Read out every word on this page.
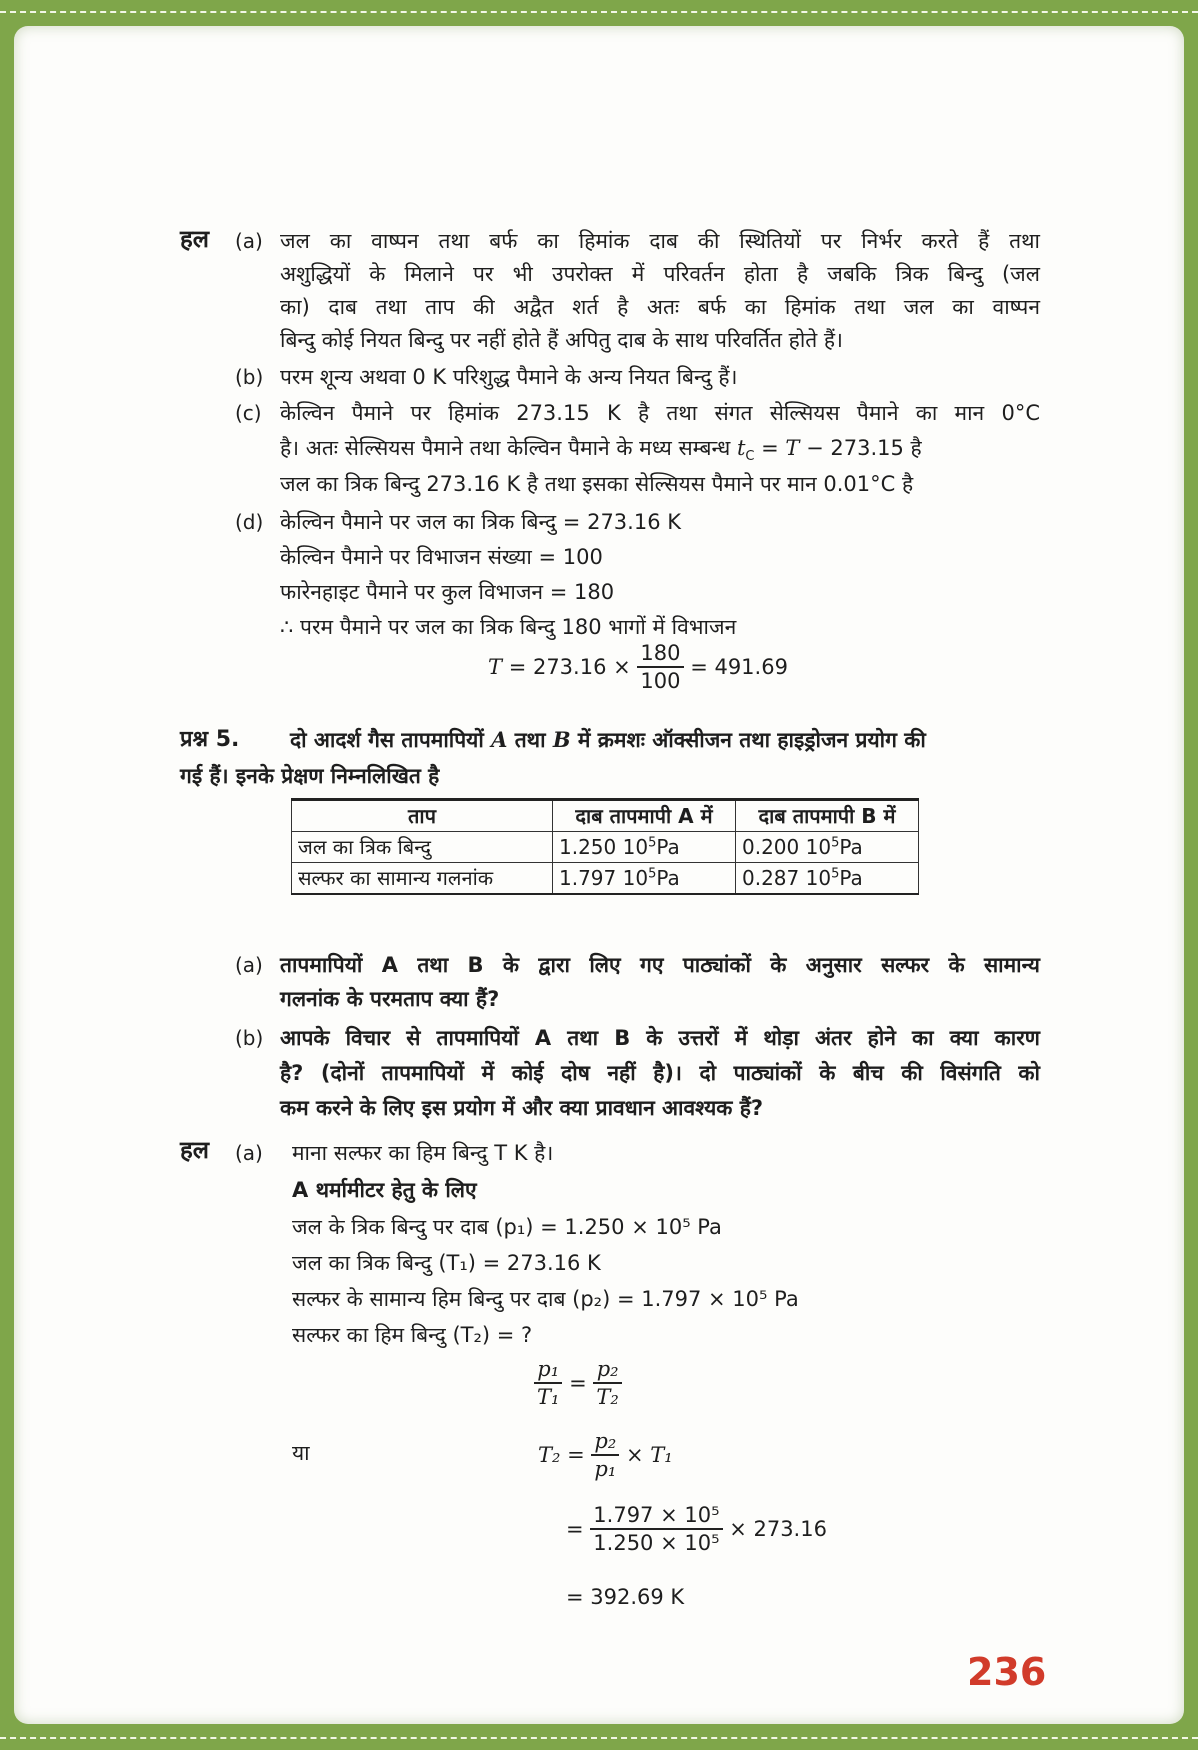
हल (a) जल का वाष्पन तथा बर्फ का हिमांक दाब की स्थितियों पर निर्भर करते हैं तथा
अशुद्धियों के मिलाने पर भी उपरोक्त में परिवर्तन होता है जबकि त्रिक बिन्दु (जल
का) दाब तथा ताप की अद्वैत शर्त है अतः बर्फ का हिमांक तथा जल का वाष्पन
बिन्दु कोई नियत बिन्दु पर नहीं होते हैं अपितु दाब के साथ परिवर्तित होते हैं।
(b) परम शून्य अथवा 0 K परिशुद्ध पैमाने के अन्य नियत बिन्दु हैं।
(c) केल्विन पैमाने पर हिमांक 273.15 K है तथा संगत सेल्सियस पैमाने का मान 0°C
है। अतः सेल्सियस पैमाने तथा केल्विन पैमाने के मध्य सम्बन्ध $t_C = T - 273.15$ है
जल का त्रिक बिन्दु 273.16 K है तथा इसका सेल्सियस पैमाने पर मान 0.01°C है
(d) केल्विन पैमाने पर जल का त्रिक बिन्दु = 273.16 K
केल्विन पैमाने पर विभाजन संख्या = 100
फारेनहाइट पैमाने पर कुल विभाजन = 180
∴ परम पैमाने पर जल का त्रिक बिन्दु 180 भागों में विभाजन
$T = 273.16 \times \frac{180}{100} = 491.69$
प्रश्न 5. दो आदर्श गैस तापमापियों A तथा B में क्रमशः ऑक्सीजन तथा हाइड्रोजन प्रयोग की
गई हैं। इनके प्रेक्षण निम्नलिखित है
ताप	दाब तापमापी A में	दाब तापमापी B में
जल का त्रिक बिन्दु	1.250 $10^5Pa$	0.200 $10^5Pa$
सल्फर का सामान्य गलनांक	1.797 $10^5Pa$	0.287 $10^5Pa$
(a) तापमापियों A तथा B के द्वारा लिए गए पाठ्यांकों के अनुसार सल्फर के सामान्य
गलनांक के परमताप क्या हैं?
(b) आपके विचार से तापमापियों A तथा B के उत्तरों में थोड़ा अंतर होने का क्या कारण
है? (दोनों तापमापियों में कोई दोष नहीं है)। दो पाठ्यांकों के बीच की विसंगति को
कम करने के लिए इस प्रयोग में और क्या प्रावधान आवश्यक हैं?
हल (a) माना सल्फर का हिम बिन्दु T K है।
A थर्मामीटर हेतु के लिए
जल के त्रिक बिन्दु पर दाब (p₁) = 1.250 × 10⁵ Pa
जल का त्रिक बिन्दु (T₁) = 273.16 K
सल्फर के सामान्य हिम बिन्दु पर दाब (p₂) = 1.797 × 10⁵ Pa
सल्फर का हिम बिन्दु (T₂) = ?
$\frac{\text{p₁}}{\text{T₁}} = \frac{\text{p₂}}{\text{T₂}}$
या	$T_2 = \frac{\text{p₂}}{\text{p₁}} \times T_1$
= $\frac{\text{1.797 × 10⁵}}{\text{1.250 × 10⁵}} \times 273.16$
= 392.69 K
236
